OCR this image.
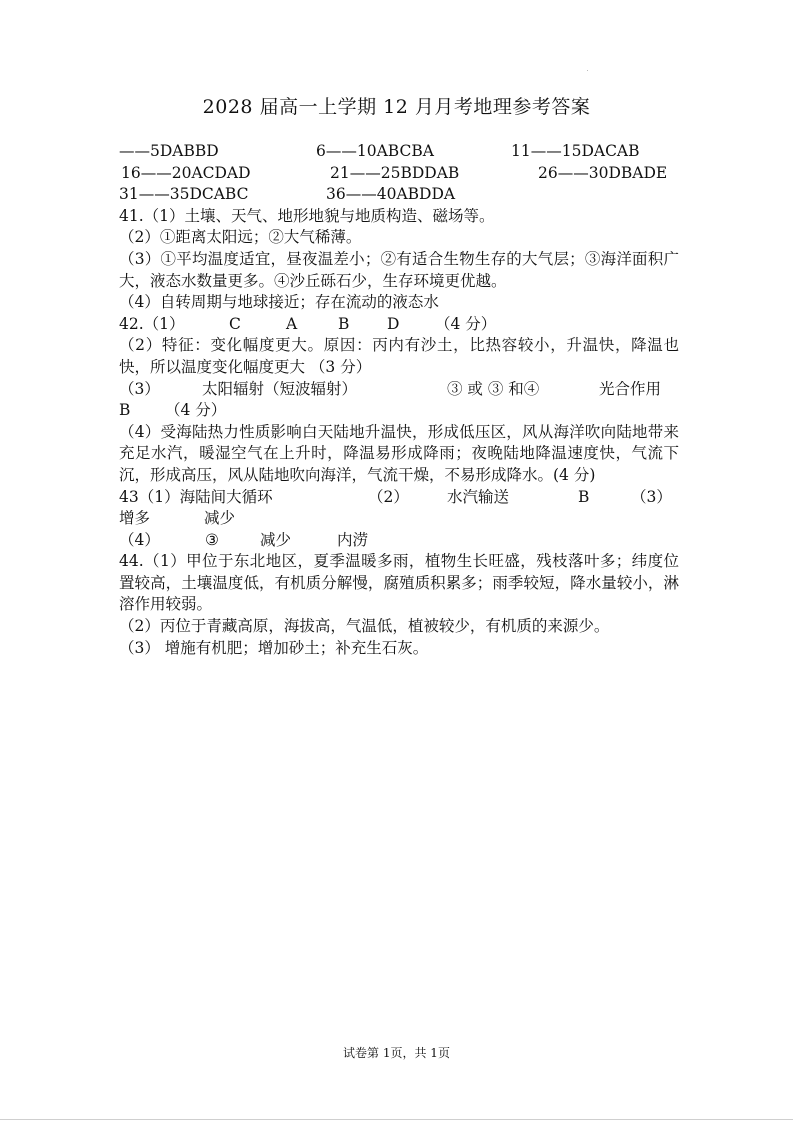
2028 届高一上学期 12 月月考地理参考答案
——5DABBD	6——10ABCBA	11——15DACAB
16——20ACDAD	21——25BDDAB	26——30DBADE
31——35DCABC	36——40ABDDA
41.（1）土壤、天气、地形地貌与地质构造、磁场等。
（2）①距离太阳远；②大气稀薄。
（3）①平均温度适宜，昼夜温差小；②有适合生物生存的大气层；③海洋面积广大，液态水数量更多。④沙丘砾石少，生存环境更优越。
（4）自转周期与地球接近；存在流动的液态水
42.（1）	C	A	B D （4 分）
（2）特征：变化幅度更大。原因：丙内有沙土，比热容较小，升温快，降温也快，所以温度变化幅度更大 （3 分）
（3）	太阳辐射（短波辐射）	③ 或 ③ 和④	光合作用
B （4 分）
（4）受海陆热力性质影响白天陆地升温快，形成低压区，风从海洋吹向陆地带来充足水汽，暖湿空气在上升时，降温易形成降雨；夜晚陆地降温速度快，气流下沉，形成高压，风从陆地吹向海洋，气流干燥，不易形成降水。(4 分)
43（1）海陆间大循环	（2） 水汽输送	B	（3）
增多	减少
（4）	③	减少	内涝
44.（1）甲位于东北地区，夏季温暖多雨，植物生长旺盛，残枝落叶多；纬度位置较高，土壤温度低，有机质分解慢，腐殖质积累多；雨季较短，降水量较小，淋溶作用较弱。
（2）丙位于青藏高原，海拔高，气温低，植被较少，有机质的来源少。
（3） 增施有机肥；增加砂土；补充生石灰。
试卷第 1页，共 1页
